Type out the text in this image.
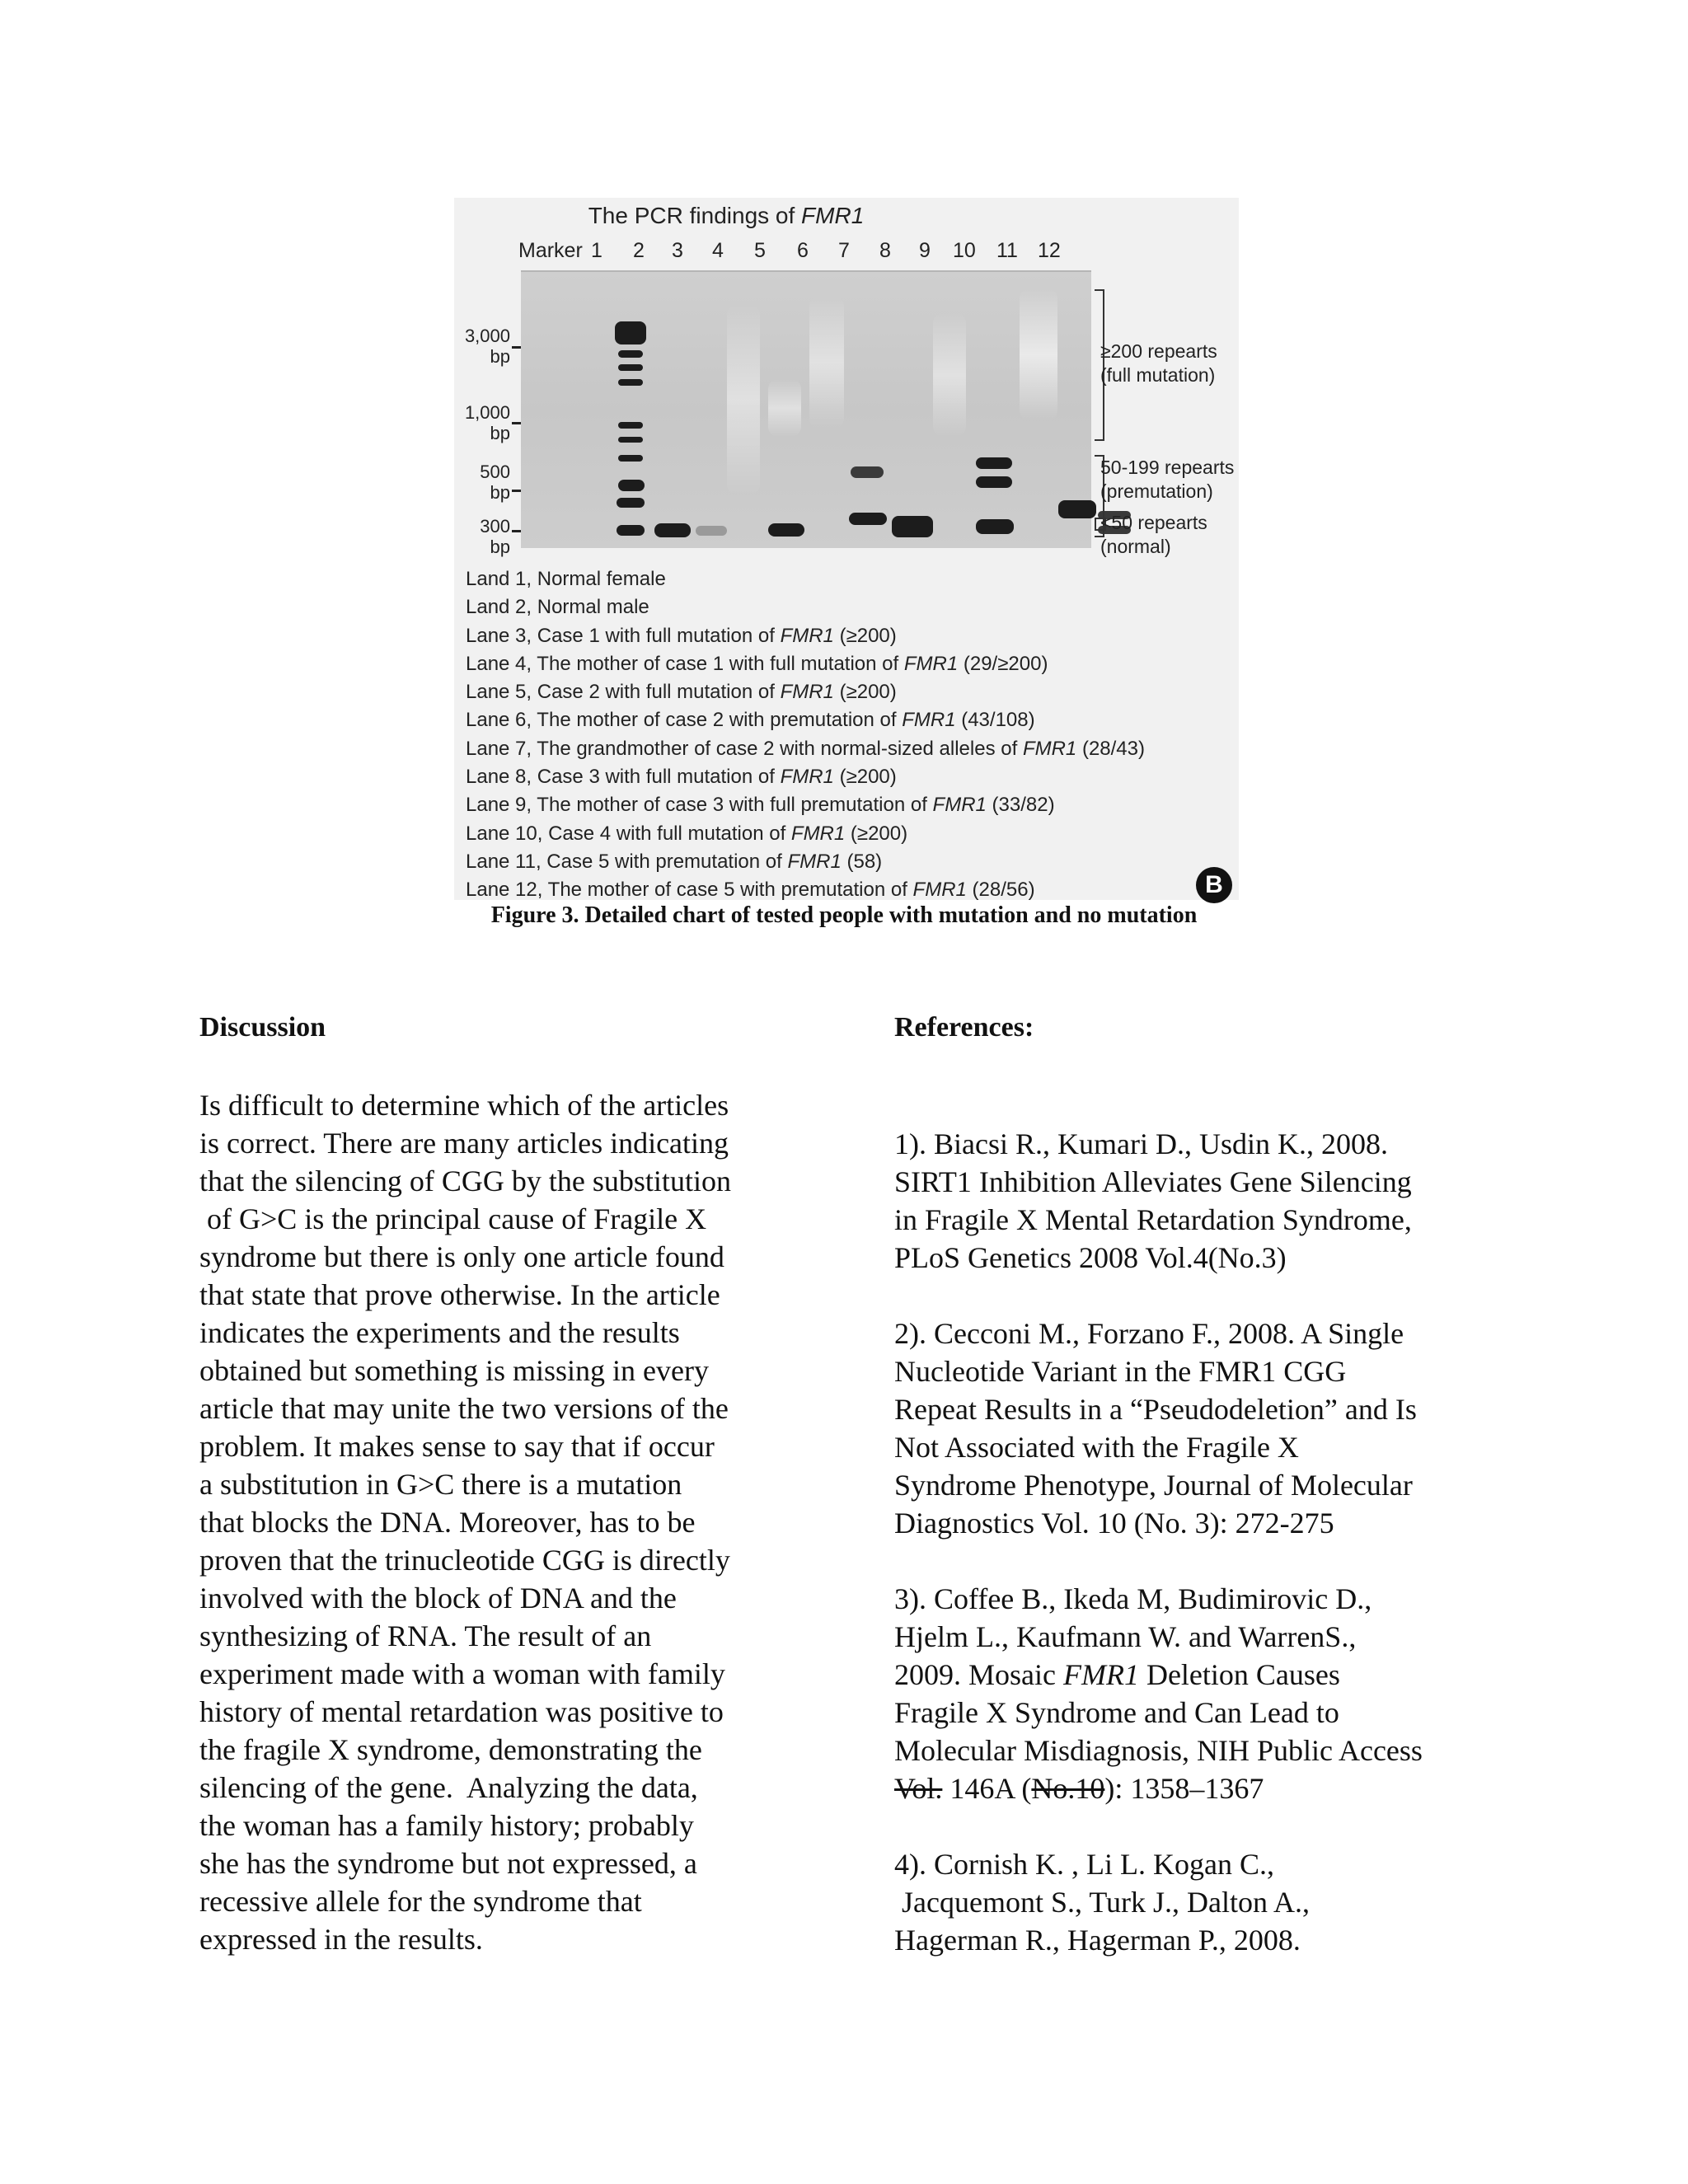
The PCR findings of FMR1
Marker 1 2 3 4 5 6 7 8 9 10 11 12
3,000
bp
1,000
bp
500
bp
300
bp
≥200 repearts
(full mutation)
50-199 repearts
(premutation)
<50 repearts
(normal)
Land 1, Normal female
Land 2, Normal male
Lane 3, Case 1 with full mutation of FMR1 (≥200)
Lane 4, The mother of case 1 with full mutation of FMR1 (29/≥200)
Lane 5, Case 2 with full mutation of FMR1 (≥200)
Lane 6, The mother of case 2 with premutation of FMR1 (43/108)
Lane 7, The grandmother of case 2 with normal-sized alleles of FMR1 (28/43)
Lane 8, Case 3 with full mutation of FMR1 (≥200)
Lane 9, The mother of case 3 with full premutation of FMR1 (33/82)
Lane 10, Case 4 with full mutation of FMR1 (≥200)
Lane 11, Case 5 with premutation of FMR1 (58)
Lane 12, The mother of case 5 with premutation of FMR1 (28/56)	B
Figure 3. Detailed chart of tested people with mutation and no mutation
Discussion

Is difficult to determine which of the articles

is correct. There are many articles indicating

that the silencing of CGG by the substitution

of G>C is the principal cause of Fragile X

syndrome but there is only one article found

that state that prove otherwise. In the article

indicates the experiments and the results

obtained but something is missing in every

article that may unite the two versions of the

problem. It makes sense to say that if occur

a substitution in G>C there is a mutation

that blocks the DNA. Moreover, has to be

proven that the trinucleotide CGG is directly

involved with the block of DNA and the

synthesizing of RNA. The result of an

experiment made with a woman with family

history of mental retardation was positive to

the fragile X syndrome, demonstrating the

silencing of the gene.  Analyzing the data,

the woman has a family history; probably

she has the syndrome but not expressed, a

recessive allele for the syndrome that

expressed in the results.

References:

1). Biacsi R., Kumari D., Usdin K., 2008.

SIRT1 Inhibition Alleviates Gene Silencing

in Fragile X Mental Retardation Syndrome,

PLoS Genetics 2008 Vol.4(No.3)

2). Cecconi M., Forzano F., 2008. A Single

Nucleotide Variant in the FMR1 CGG

Repeat Results in a “Pseudodeletion” and Is

Not Associated with the Fragile X

Syndrome Phenotype, Journal of Molecular

Diagnostics Vol. 10 (No. 3): 272-275

3). Coffee B., Ikeda M, Budimirovic D.,

Hjelm L., Kaufmann W. and WarrenS.,

2009. Mosaic FMR1 Deletion Causes

Fragile X Syndrome and Can Lead to

Molecular Misdiagnosis, NIH Public Access

Vol. 146A (No.10): 1358–1367

4). Cornish K. , Li L. Kogan C.,

Jacquemont S., Turk J., Dalton A.,

Hagerman R., Hagerman P., 2008.
